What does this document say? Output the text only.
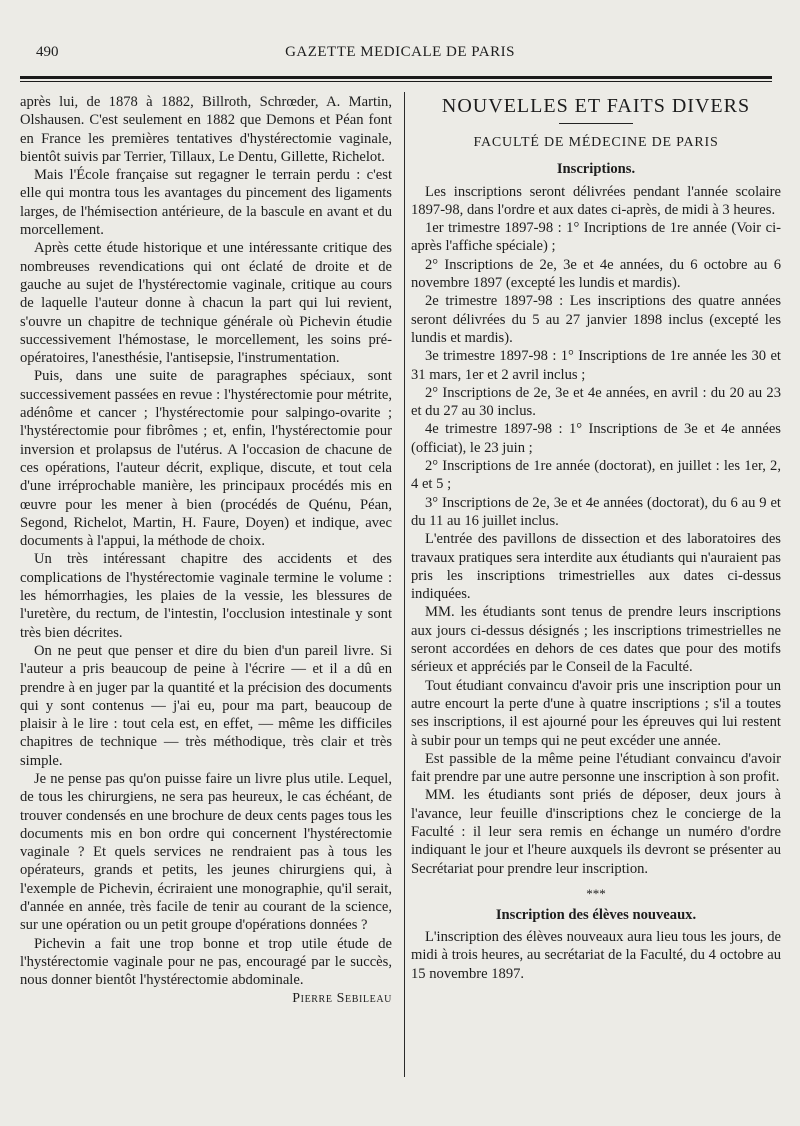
490	GAZETTE MEDICALE DE PARIS

après lui, de 1878 à 1882, Billroth, Schrœder, A. Martin, Olshausen. C'est seulement en 1882 que Demons et Péan font en France les premières tentatives d'hystérectomie vaginale, bientôt suivis par Terrier, Tillaux, Le Dentu, Gillette, Richelot.

Mais l'École française sut regagner le terrain perdu : c'est elle qui montra tous les avantages du pincement des ligaments larges, de l'hémisection antérieure, de la bascule en avant et du morcellement.

Après cette étude historique et une intéressante critique des nombreuses revendications qui ont éclaté de droite et de gauche au sujet de l'hystérectomie vaginale, critique au cours de laquelle l'auteur donne à chacun la part qui lui revient, s'ouvre un chapitre de technique générale où Pichevin étudie successivement l'hémostase, le morcellement, les soins pré-opératoires, l'anesthésie, l'antisepsie, l'instrumentation.

Puis, dans une suite de paragraphes spéciaux, sont successivement passées en revue : l'hystérectomie pour métrite, adénôme et cancer ; l'hystérectomie pour salpingo-ovarite ; l'hystérectomie pour fibrômes ; et, enfin, l'hystérectomie pour inversion et prolapsus de l'utérus. A l'occasion de chacune de ces opérations, l'auteur décrit, explique, discute, et tout cela d'une irréprochable manière, les principaux procédés mis en œuvre pour les mener à bien (procédés de Quénu, Péan, Segond, Richelot, Martin, H. Faure, Doyen) et indique, avec documents à l'appui, la méthode de choix.

Un très intéressant chapitre des accidents et des complications de l'hystérectomie vaginale termine le volume : les hémorrhagies, les plaies de la vessie, les blessures de l'uretère, du rectum, de l'intestin, l'occlusion intestinale y sont très bien décrites.

On ne peut que penser et dire du bien d'un pareil livre. Si l'auteur a pris beaucoup de peine à l'écrire — et il a dû en prendre à en juger par la quantité et la précision des documents qui y sont contenus — j'ai eu, pour ma part, beaucoup de plaisir à le lire : tout cela est, en effet, — même les difficiles chapitres de technique — très méthodique, très clair et très simple.

Je ne pense pas qu'on puisse faire un livre plus utile. Lequel, de tous les chirurgiens, ne sera pas heureux, le cas échéant, de trouver condensés en une brochure de deux cents pages tous les documents mis en bon ordre qui concernent l'hystérectomie vaginale ? Et quels services ne rendraient pas à tous les opérateurs, grands et petits, les jeunes chirurgiens qui, à l'exemple de Pichevin, écriraient une monographie, qu'il serait, d'année en année, très facile de tenir au courant de la science, sur une opération ou un petit groupe d'opérations données ?

Pichevin a fait une trop bonne et trop utile étude de l'hystérectomie vaginale pour ne pas, encouragé par le succès, nous donner bientôt l'hystérectomie abdominale.

Pierre Sebileau
NOUVELLES ET FAITS DIVERS
FACULTÉ DE MÉDECINE DE PARIS
Inscriptions.

Les inscriptions seront délivrées pendant l'année scolaire 1897-98, dans l'ordre et aux dates ci-après, de midi à 3 heures.

1er trimestre 1897-98 : 1° Incriptions de 1re année (Voir ci-après l'affiche spéciale) ;

2° Inscriptions de 2e, 3e et 4e années, du 6 octobre au 6 novembre 1897 (excepté les lundis et mardis).

2e trimestre 1897-98 : Les inscriptions des quatre années seront délivrées du 5 au 27 janvier 1898 inclus (excepté les lundis et mardis).

3e trimestre 1897-98 : 1° Inscriptions de 1re année les 30 et 31 mars, 1er et 2 avril inclus ;

2° Inscriptions de 2e, 3e et 4e années, en avril : du 20 au 23 et du 27 au 30 inclus.

4e trimestre 1897-98 : 1° Inscriptions de 3e et 4e années (officiat), le 23 juin ;

2° Inscriptions de 1re année (doctorat), en juillet : les 1er, 2, 4 et 5 ;

3° Inscriptions de 2e, 3e et 4e années (doctorat), du 6 au 9 et du 11 au 16 juillet inclus.

L'entrée des pavillons de dissection et des laboratoires des travaux pratiques sera interdite aux étudiants qui n'auraient pas pris les inscriptions trimestrielles aux dates ci-dessus indiquées.

MM. les étudiants sont tenus de prendre leurs inscriptions aux jours ci-dessus désignés ; les inscriptions trimestrielles ne seront accordées en dehors de ces dates que pour des motifs sérieux et appréciés par le Conseil de la Faculté.

Tout étudiant convaincu d'avoir pris une inscription pour un autre encourt la perte d'une à quatre inscriptions ; s'il a toutes ses inscriptions, il est ajourné pour les épreuves qui lui restent à subir pour un temps qui ne peut excéder une année.

Est passible de la même peine l'étudiant convaincu d'avoir fait prendre par une autre personne une inscription à son profit.

MM. les étudiants sont priés de déposer, deux jours à l'avance, leur feuille d'inscriptions chez le concierge de la Faculté : il leur sera remis en échange un numéro d'ordre indiquant le jour et l'heure auxquels ils devront se présenter au Secrétariat pour prendre leur inscription.

***
Inscription des élèves nouveaux.

L'inscription des élèves nouveaux aura lieu tous les jours, de midi à trois heures, au secrétariat de la Faculté, du 4 octobre au 15 novembre 1897.
